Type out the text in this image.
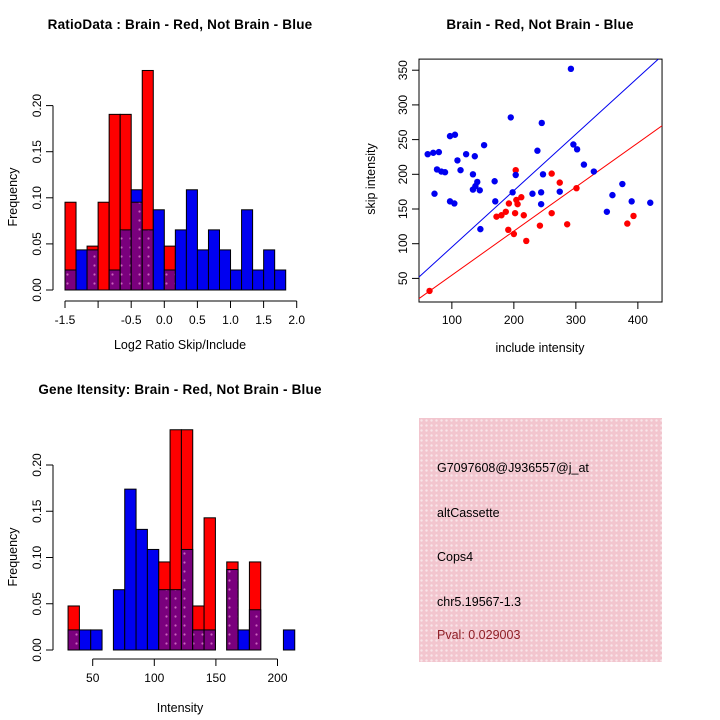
RatioData : Brain - Red, Not Brain - Blue
Frequency
Log2 Ratio Skip/Include
0.00
0.05
0.10
0.15
0.20
-1.5	-0.5 0.0 0.5 1.0 1.5 2.0
Brain - Red, Not Brain - Blue
skip intensity
include intensity
100	200	300	400
50
100
150
200
250
300
350
Gene Itensity: Brain - Red, Not Brain - Blue
Frequency
Intensity
0.00
0.05
0.10
0.15
0.20
50	100	150	200
G7097608@J936557@j_at
altCassette
Cops4
chr5.19567-1.3
Pval: 0.029003
